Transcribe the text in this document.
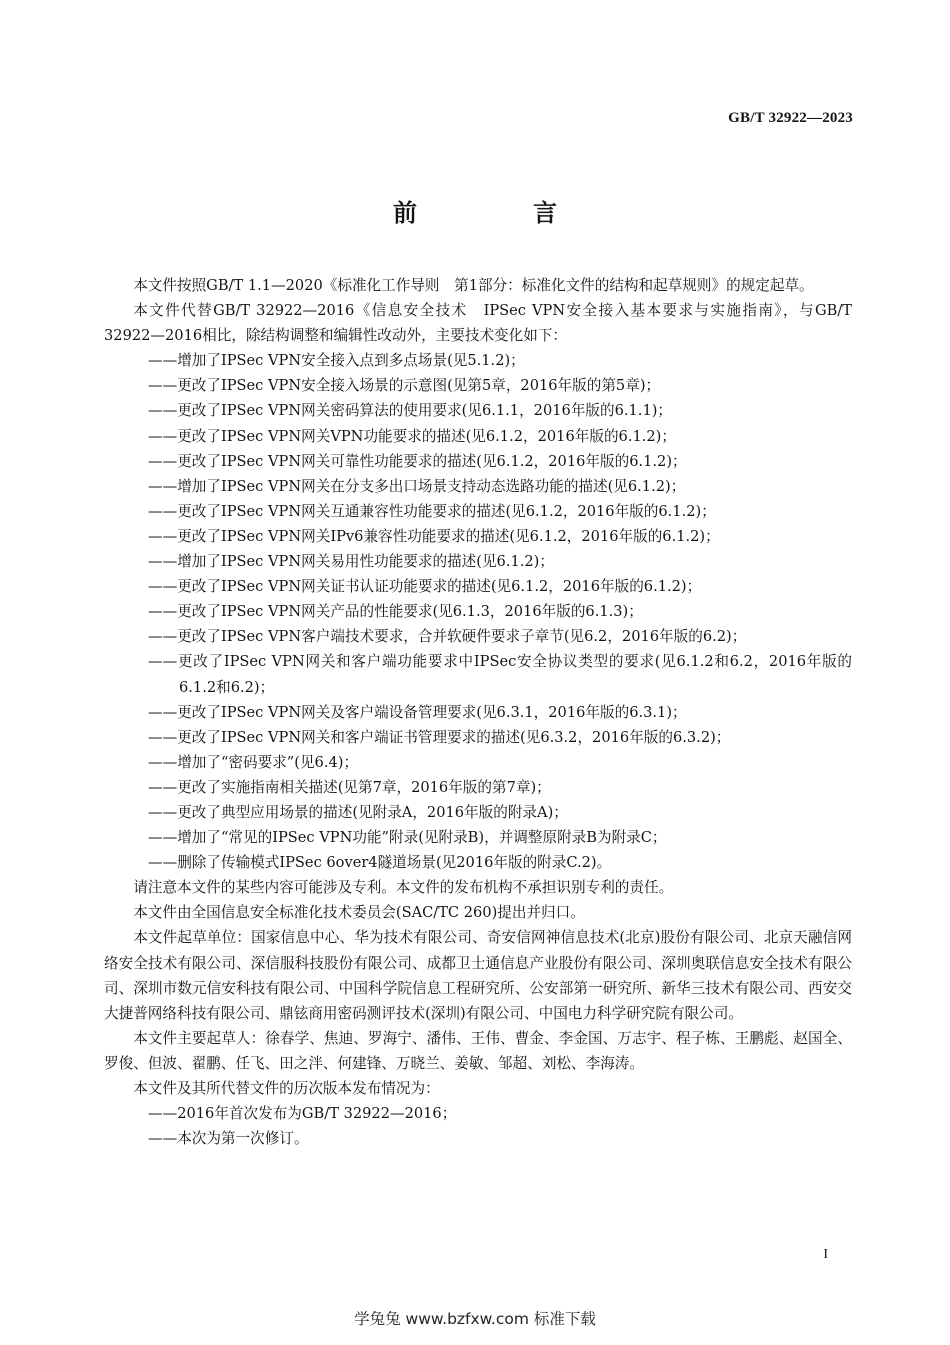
GB/T 32922—2023
前　言

本文件按照GB/T 1.1—2020《标准化工作导则　第1部分：标准化文件的结构和起草规则》的规定起草。

本文件代替GB/T 32922—2016《信息安全技术　IPSec VPN安全接入基本要求与实施指南》，与GB/T 32922—2016相比，除结构调整和编辑性改动外，主要技术变化如下：

——增加了IPSec VPN安全接入点到多点场景(见5.1.2)；

——更改了IPSec VPN安全接入场景的示意图(见第5章，2016年版的第5章)；

——更改了IPSec VPN网关密码算法的使用要求(见6.1.1，2016年版的6.1.1)；

——更改了IPSec VPN网关VPN功能要求的描述(见6.1.2，2016年版的6.1.2)；

——更改了IPSec VPN网关可靠性功能要求的描述(见6.1.2，2016年版的6.1.2)；

——增加了IPSec VPN网关在分支多出口场景支持动态选路功能的描述(见6.1.2)；

——更改了IPSec VPN网关互通兼容性功能要求的描述(见6.1.2，2016年版的6.1.2)；

——更改了IPSec VPN网关IPv6兼容性功能要求的描述(见6.1.2，2016年版的6.1.2)；

——增加了IPSec VPN网关易用性功能要求的描述(见6.1.2)；

——更改了IPSec VPN网关证书认证功能要求的描述(见6.1.2，2016年版的6.1.2)；

——更改了IPSec VPN网关产品的性能要求(见6.1.3，2016年版的6.1.3)；

——更改了IPSec VPN客户端技术要求，合并软硬件要求子章节(见6.2，2016年版的6.2)；

——更改了IPSec VPN网关和客户端功能要求中IPSec安全协议类型的要求(见6.1.2和6.2，2016年版的6.1.2和6.2)；

——更改了IPSec VPN网关及客户端设备管理要求(见6.3.1，2016年版的6.3.1)；

——更改了IPSec VPN网关和客户端证书管理要求的描述(见6.3.2，2016年版的6.3.2)；

——增加了“密码要求”(见6.4)；

——更改了实施指南相关描述(见第7章，2016年版的第7章)；

——更改了典型应用场景的描述(见附录A，2016年版的附录A)；

——增加了“常见的IPSec VPN功能”附录(见附录B)，并调整原附录B为附录C；

——删除了传输模式IPSec 6over4隧道场景(见2016年版的附录C.2)。

请注意本文件的某些内容可能涉及专利。本文件的发布机构不承担识别专利的责任。

本文件由全国信息安全标准化技术委员会(SAC/TC 260)提出并归口。

本文件起草单位：国家信息中心、华为技术有限公司、奇安信网神信息技术(北京)股份有限公司、北京天融信网络安全技术有限公司、深信服科技股份有限公司、成都卫士通信息产业股份有限公司、深圳奥联信息安全技术有限公司、深圳市数元信安科技有限公司、中国科学院信息工程研究所、公安部第一研究所、新华三技术有限公司、西安交大捷普网络科技有限公司、鼎铉商用密码测评技术(深圳)有限公司、中国电力科学研究院有限公司。

本文件主要起草人：徐春学、焦迪、罗海宁、潘伟、王伟、曹金、李金国、万志宇、程子栋、王鹏彪、赵国全、罗俊、但波、翟鹏、任飞、田之泮、何建锋、万晓兰、姜敏、邹超、刘松、李海涛。

本文件及其所代替文件的历次版本发布情况为：

——2016年首次发布为GB/T 32922—2016；

——本次为第一次修订。

I
学兔兔 www.bzfxw.com 标准下载
